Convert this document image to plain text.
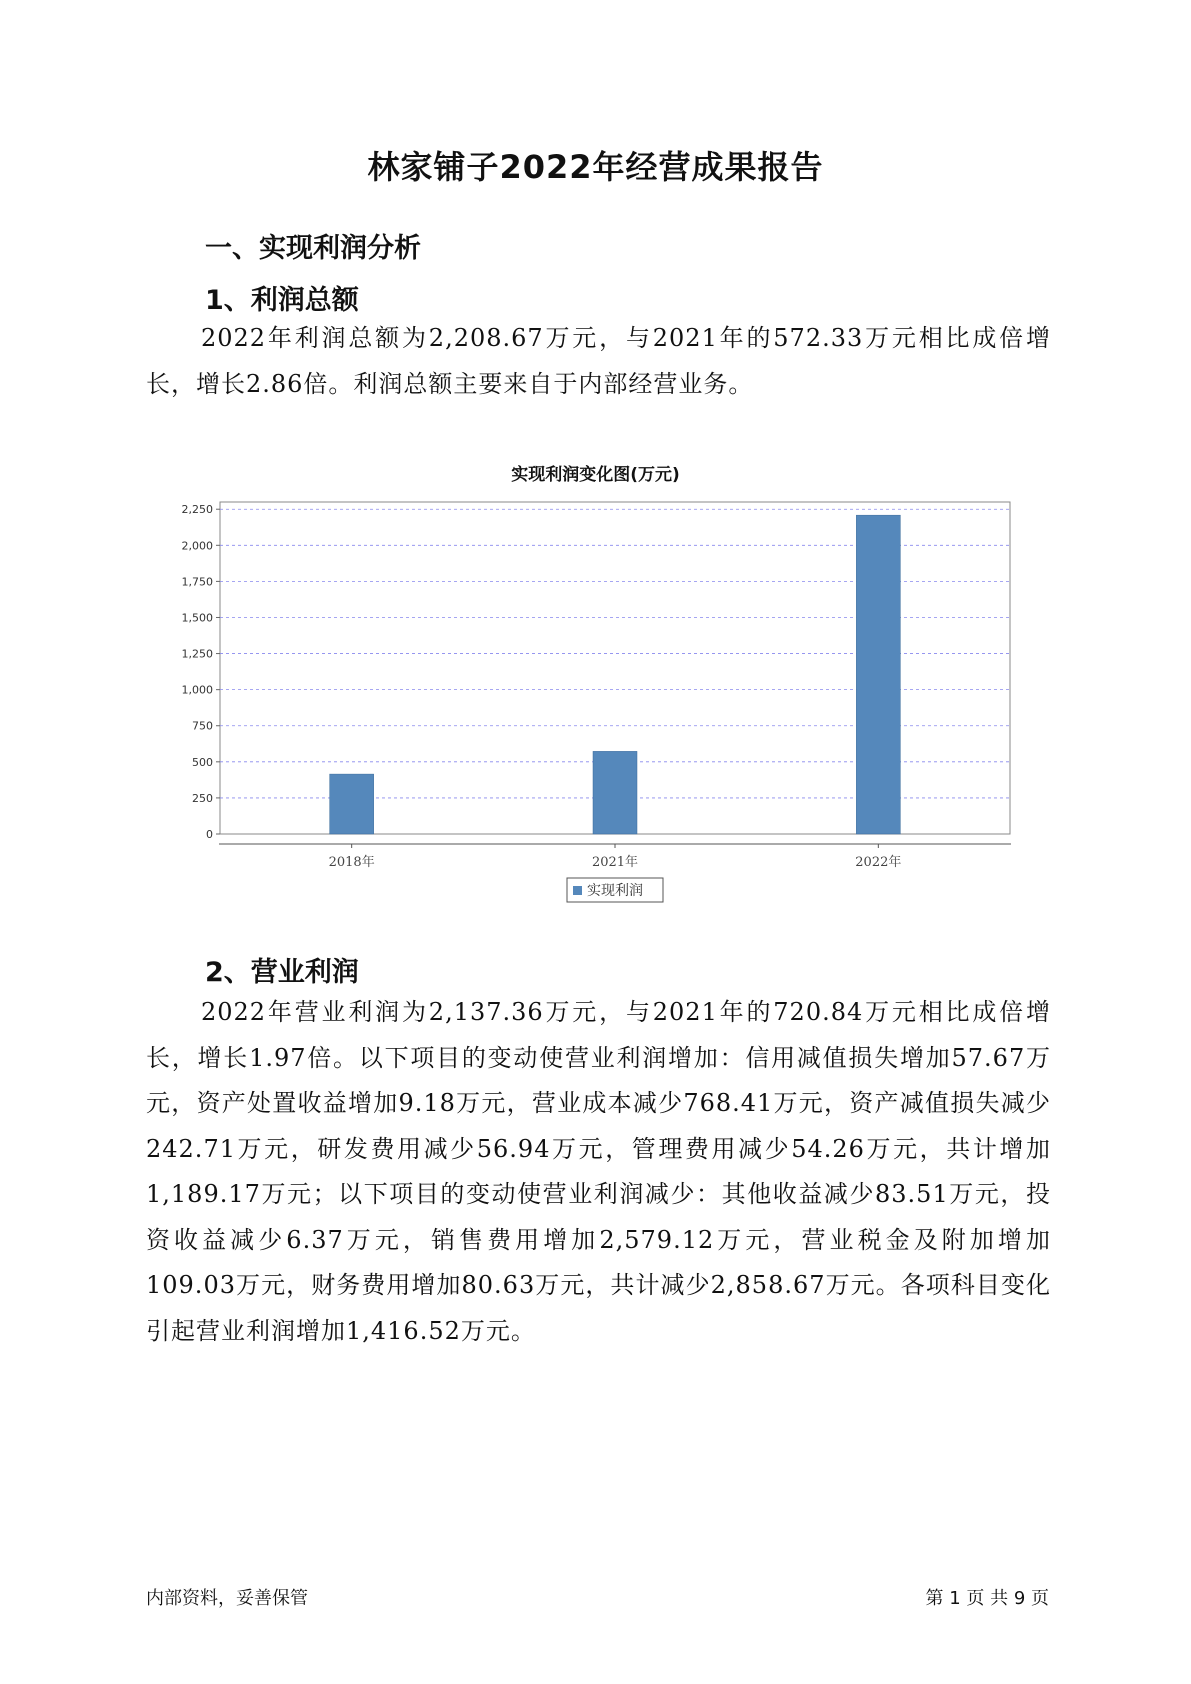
林家铺子2022年经营成果报告
一、实现利润分析
1、利润总额

2022年利润总额为2,208.67万元，与2021年的572.33万元相比成倍增长，增长2.86倍。利润总额主要来自于内部经营业务。

实现利润变化图(万元)
0
250
500
750
1,000
1,250
1,500
1,750
2,000
2,250
2018年	2021年	2022年
实现利润
2、营业利润

2022年营业利润为2,137.36万元，与2021年的720.84万元相比成倍增长，增长1.97倍。以下项目的变动使营业利润增加：信用减值损失增加57.67万元，资产处置收益增加9.18万元，营业成本减少768.41万元，资产减值损失减少242.71万元，研发费用减少56.94万元，管理费用减少54.26万元，共计增加1,189.17万元；以下项目的变动使营业利润减少：其他收益减少83.51万元，投资收益减少6.37万元，销售费用增加2,579.12万元，营业税金及附加增加109.03万元，财务费用增加80.63万元，共计减少2,858.67万元。各项科目变化引起营业利润增加1,416.52万元。

内部资料，妥善保管	第 1 页 共 9 页
